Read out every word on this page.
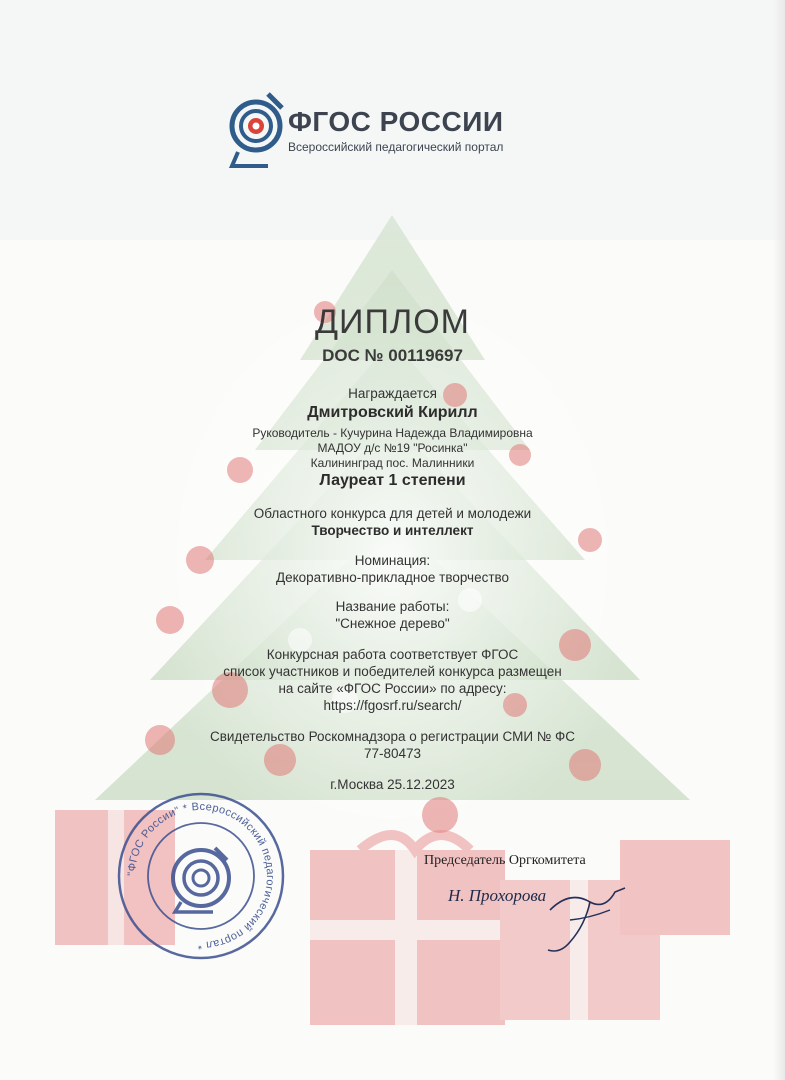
ФГОС РОССИИ
Всероссийский педагогический портал
ДИПЛОМ
DOC № 00119697
Награждается
Дмитровский Кирилл
Руководитель - Кучурина Надежда Владимировна
МАДОУ д/с №19 "Росинка"
Калининград пос. Малинники
Лауреат 1 степени
Областного конкурса для детей и молодежи
Творчество и интеллект
Номинация:
Декоративно-прикладное творчество
Название работы:
"Снежное дерево"
Конкурсная работа соответствует ФГОС
список участников и победителей конкурса размещен
на сайте «ФГОС России» по адресу:
https://fgosrf.ru/search/
Свидетельство Роскомнадзора о регистрации СМИ № ФС
77-80473
г.Москва 25.12.2023
"ФГОС России" * Всероссийский педагогический портал *
Председатель Оргкомитета
Н. Прохорова
